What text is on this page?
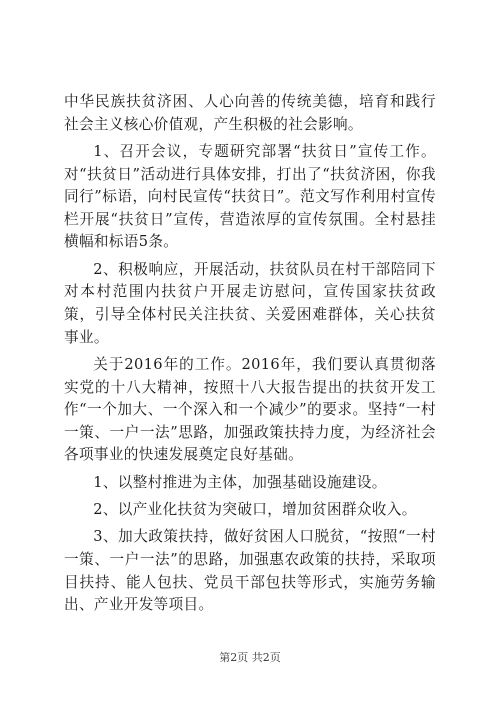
中华民族扶贫济困、人心向善的传统美德，培育和践行社会主义核心价值观，产生积极的社会影响。

1、召开会议，专题研究部署“扶贫日”宣传工作。对“扶贫日”活动进行具体安排，打出了“扶贫济困，你我同行”标语，向村民宣传“扶贫日”。范文写作利用村宣传栏开展“扶贫日”宣传，营造浓厚的宣传氛围。全村悬挂横幅和标语5条。

2、积极响应，开展活动，扶贫队员在村干部陪同下对本村范围内扶贫户开展走访慰问，宣传国家扶贫政策，引导全体村民关注扶贫、关爱困难群体，关心扶贫事业。

关于2016年的工作。2016年，我们要认真贯彻落实党的十八大精神，按照十八大报告提出的扶贫开发工作“一个加大、一个深入和一个减少”的要求。坚持“一村一策、一户一法”思路，加强政策扶持力度，为经济社会各项事业的快速发展奠定良好基础。

1、以整村推进为主体，加强基础设施建设。

2、以产业化扶贫为突破口，增加贫困群众收入。

3、加大政策扶持，做好贫困人口脱贫，“按照“一村一策、一户一法”的思路，加强惠农政策的扶持，采取项目扶持、能人包扶、党员干部包扶等形式，实施劳务输出、产业开发等项目。

第2页 共2页
